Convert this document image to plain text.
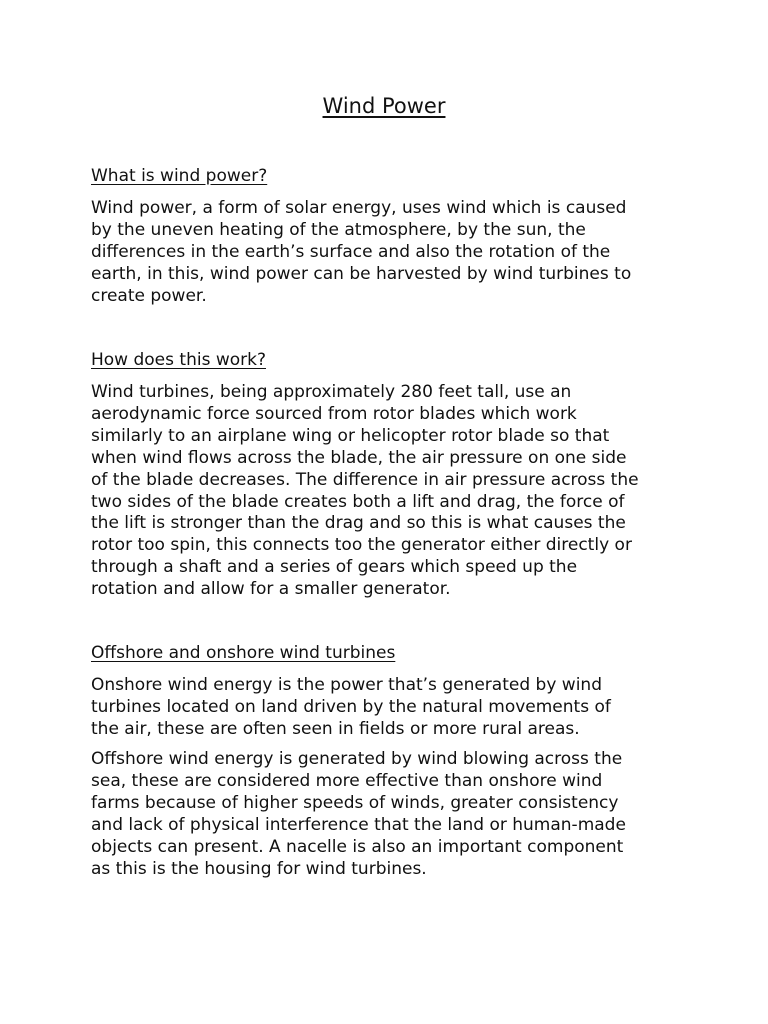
Wind Power
What is wind power?

Wind power, a form of solar energy, uses wind which is caused
by the uneven heating of the atmosphere, by the sun, the
differences in the earth’s surface and also the rotation of the
earth, in this, wind power can be harvested by wind turbines to
create power.

How does this work?

Wind turbines, being approximately 280 feet tall, use an
aerodynamic force sourced from rotor blades which work
similarly to an airplane wing or helicopter rotor blade so that
when wind flows across the blade, the air pressure on one side
of the blade decreases. The difference in air pressure across the
two sides of the blade creates both a lift and drag, the force of
the lift is stronger than the drag and so this is what causes the
rotor too spin, this connects too the generator either directly or
through a shaft and a series of gears which speed up the
rotation and allow for a smaller generator.

Offshore and onshore wind turbines

Onshore wind energy is the power that’s generated by wind
turbines located on land driven by the natural movements of
the air, these are often seen in fields or more rural areas.

Offshore wind energy is generated by wind blowing across the
sea, these are considered more effective than onshore wind
farms because of higher speeds of winds, greater consistency
and lack of physical interference that the land or human-made
objects can present. A nacelle is also an important component
as this is the housing for wind turbines.
